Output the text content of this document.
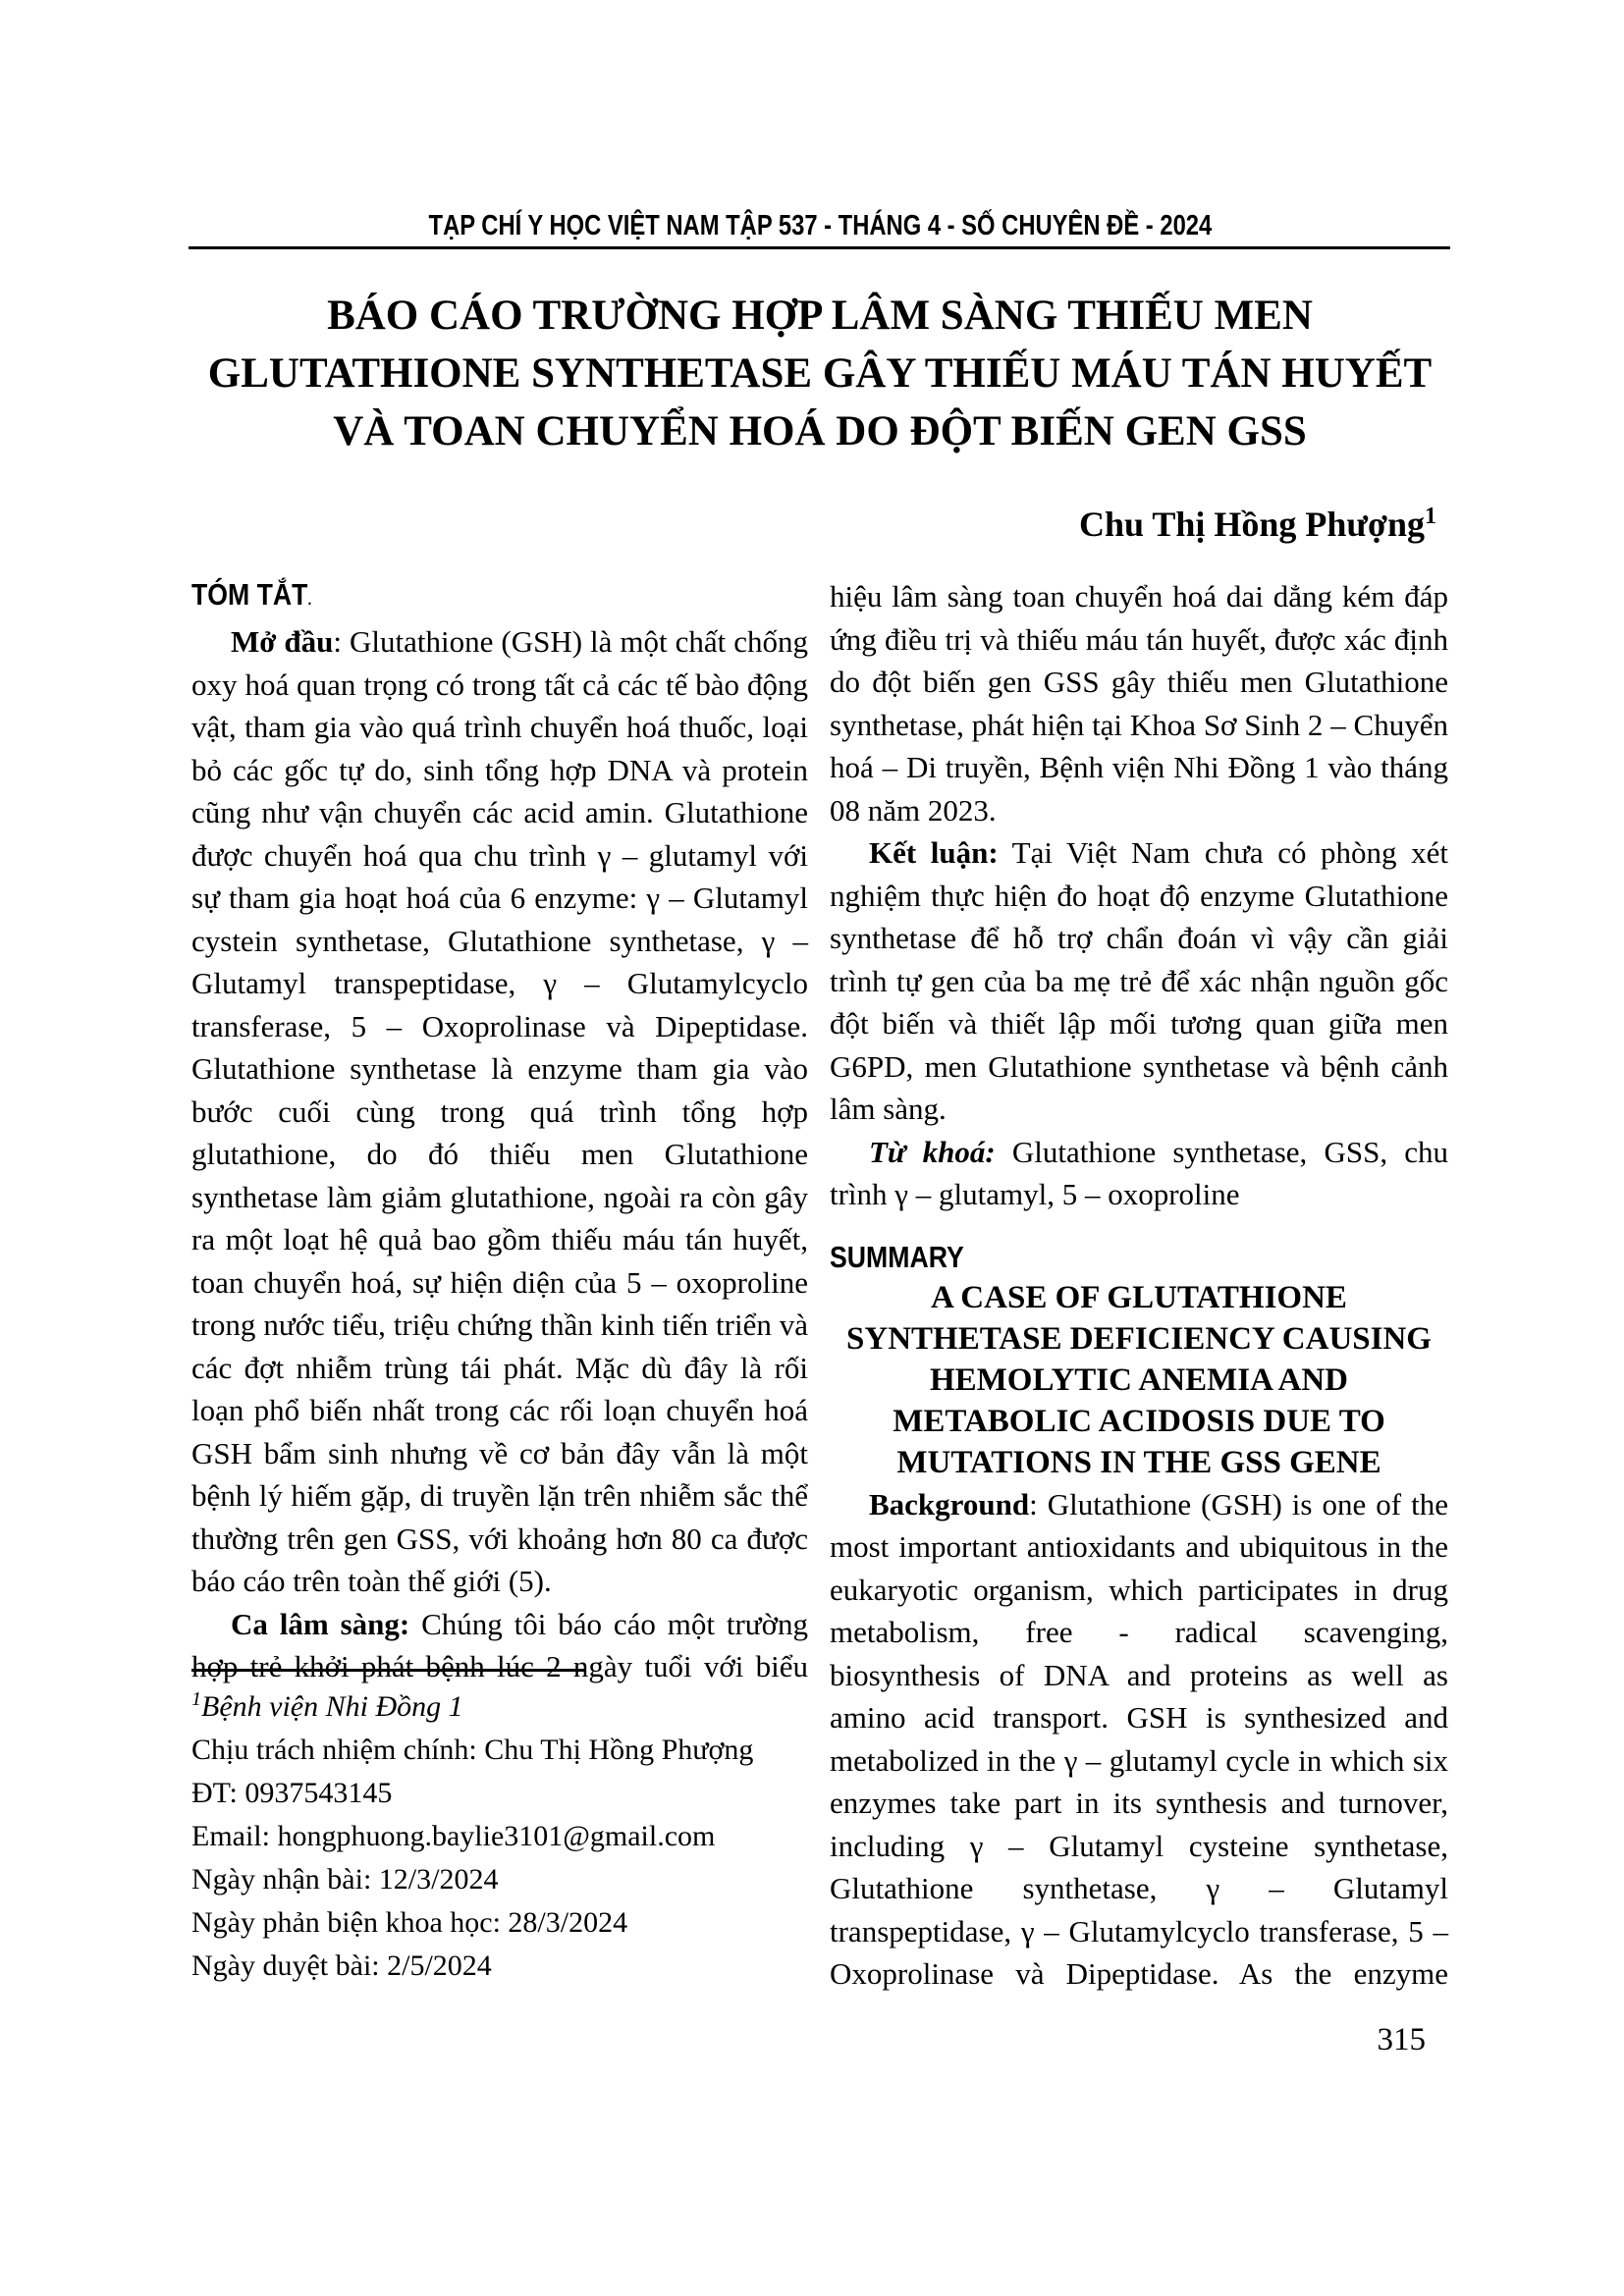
TẠP CHÍ Y HỌC VIỆT NAM TẬP 537 - THÁNG 4 - SỐ CHUYÊN ĐỀ - 2024
BÁO CÁO TRƯỜNG HỢP LÂM SÀNG THIẾU MEN
GLUTATHIONE SYNTHETASE GÂY THIẾU MÁU TÁN HUYẾT
VÀ TOAN CHUYỂN HOÁ DO ĐỘT BIẾN GEN GSS
Chu Thị Hồng Phượng$^1$
TÓM TẮT.

Mở đầu: Glutathione (GSH) là một chất chống oxy hoá quan trọng có trong tất cả các tế bào động vật, tham gia vào quá trình chuyển hoá thuốc, loại bỏ các gốc tự do, sinh tổng hợp DNA và protein cũng như vận chuyển các acid amin. Glutathione được chuyển hoá qua chu trình γ – glutamyl với sự tham gia hoạt hoá của 6 enzyme: γ – Glutamyl cystein synthetase, Glutathione synthetase, γ – Glutamyl transpeptidase, γ – Glutamylcyclo transferase, 5 – Oxoprolinase và Dipeptidase. Glutathione synthetase là enzyme tham gia vào bước cuối cùng trong quá trình tổng hợp glutathione, do đó thiếu men Glutathione synthetase làm giảm glutathione, ngoài ra còn gây ra một loạt hệ quả bao gồm thiếu máu tán huyết, toan chuyển hoá, sự hiện diện của 5 – oxoproline trong nước tiểu, triệu chứng thần kinh tiến triển và các đợt nhiễm trùng tái phát. Mặc dù đây là rối loạn phổ biến nhất trong các rối loạn chuyển hoá GSH bẩm sinh nhưng về cơ bản đây vẫn là một bệnh lý hiếm gặp, di truyền lặn trên nhiễm sắc thể thường trên gen GSS, với khoảng hơn 80 ca được báo cáo trên toàn thế giới (5).

Ca lâm sàng: Chúng tôi báo cáo một trường hợp trẻ khởi phát bệnh lúc 2 ngày tuổi với biểu

hiệu lâm sàng toan chuyển hoá dai dẳng kém đáp ứng điều trị và thiếu máu tán huyết, được xác định do đột biến gen GSS gây thiếu men Glutathione synthetase, phát hiện tại Khoa Sơ Sinh 2 – Chuyển hoá – Di truyền, Bệnh viện Nhi Đồng 1 vào tháng 08 năm 2023.

Kết luận: Tại Việt Nam chưa có phòng xét nghiệm thực hiện đo hoạt độ enzyme Glutathione synthetase để hỗ trợ chẩn đoán vì vậy cần giải trình tự gen của ba mẹ trẻ để xác nhận nguồn gốc đột biến và thiết lập mối tương quan giữa men G6PD, men Glutathione synthetase và bệnh cảnh lâm sàng.

Từ khoá: Glutathione synthetase, GSS, chu trình γ – glutamyl, 5 – oxoproline

SUMMARY
A CASE OF GLUTATHIONE
SYNTHETASE DEFICIENCY CAUSING
HEMOLYTIC ANEMIA AND
METABOLIC ACIDOSIS DUE TO
MUTATIONS IN THE GSS GENE

Background: Glutathione (GSH) is one of the most important antioxidants and ubiquitous in the eukaryotic organism, which participates in drug metabolism, free - radical scavenging, biosynthesis of DNA and proteins as well as amino acid transport. GSH is synthesized and metabolized in the γ – glutamyl cycle in which six enzymes take part in its synthesis and turnover, including γ – Glutamyl cysteine synthetase, Glutathione synthetase, γ – Glutamyl transpeptidase, γ – Glutamylcyclo transferase, 5 – Oxoprolinase và Dipeptidase. As the enzyme

$^1$Bệnh viện Nhi Đồng 1
Chịu trách nhiệm chính: Chu Thị Hồng Phượng
ĐT: 0937543145
Email: hongphuong.baylie3101@gmail.com
Ngày nhận bài: 12/3/2024
Ngày phản biện khoa học: 28/3/2024
Ngày duyệt bài: 2/5/2024
315
